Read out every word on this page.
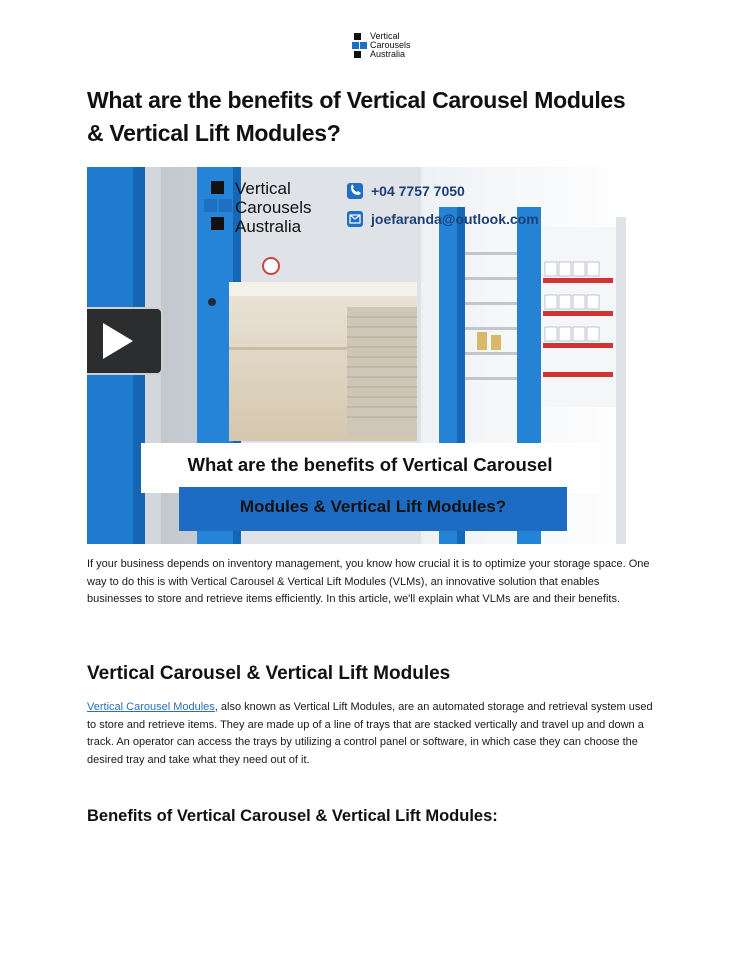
Vertical
Carousels
Australia
What are the benefits of Vertical Carousel Modules & Vertical Lift Modules?
Vertical
Carousels
Australia
+04 7757 7050
joefaranda@outlook.com
What are the benefits of Vertical Carousel
Modules & Vertical Lift Modules?

If your business depends on inventory management, you know how crucial it is to optimize your storage space. One way to do this is with Vertical Carousel & Vertical Lift Modules (VLMs), an innovative solution that enables businesses to store and retrieve items efficiently. In this article, we'll explain what VLMs are and their benefits.

Vertical Carousel & Vertical Lift Modules

Vertical Carousel Modules, also known as Vertical Lift Modules, are an automated storage and retrieval system used to store and retrieve items. They are made up of a line of trays that are stacked vertically and travel up and down a track. An operator can access the trays by utilizing a control panel or software, in which case they can choose the desired tray and take what they need out of it.

Benefits of Vertical Carousel & Vertical Lift Modules:
